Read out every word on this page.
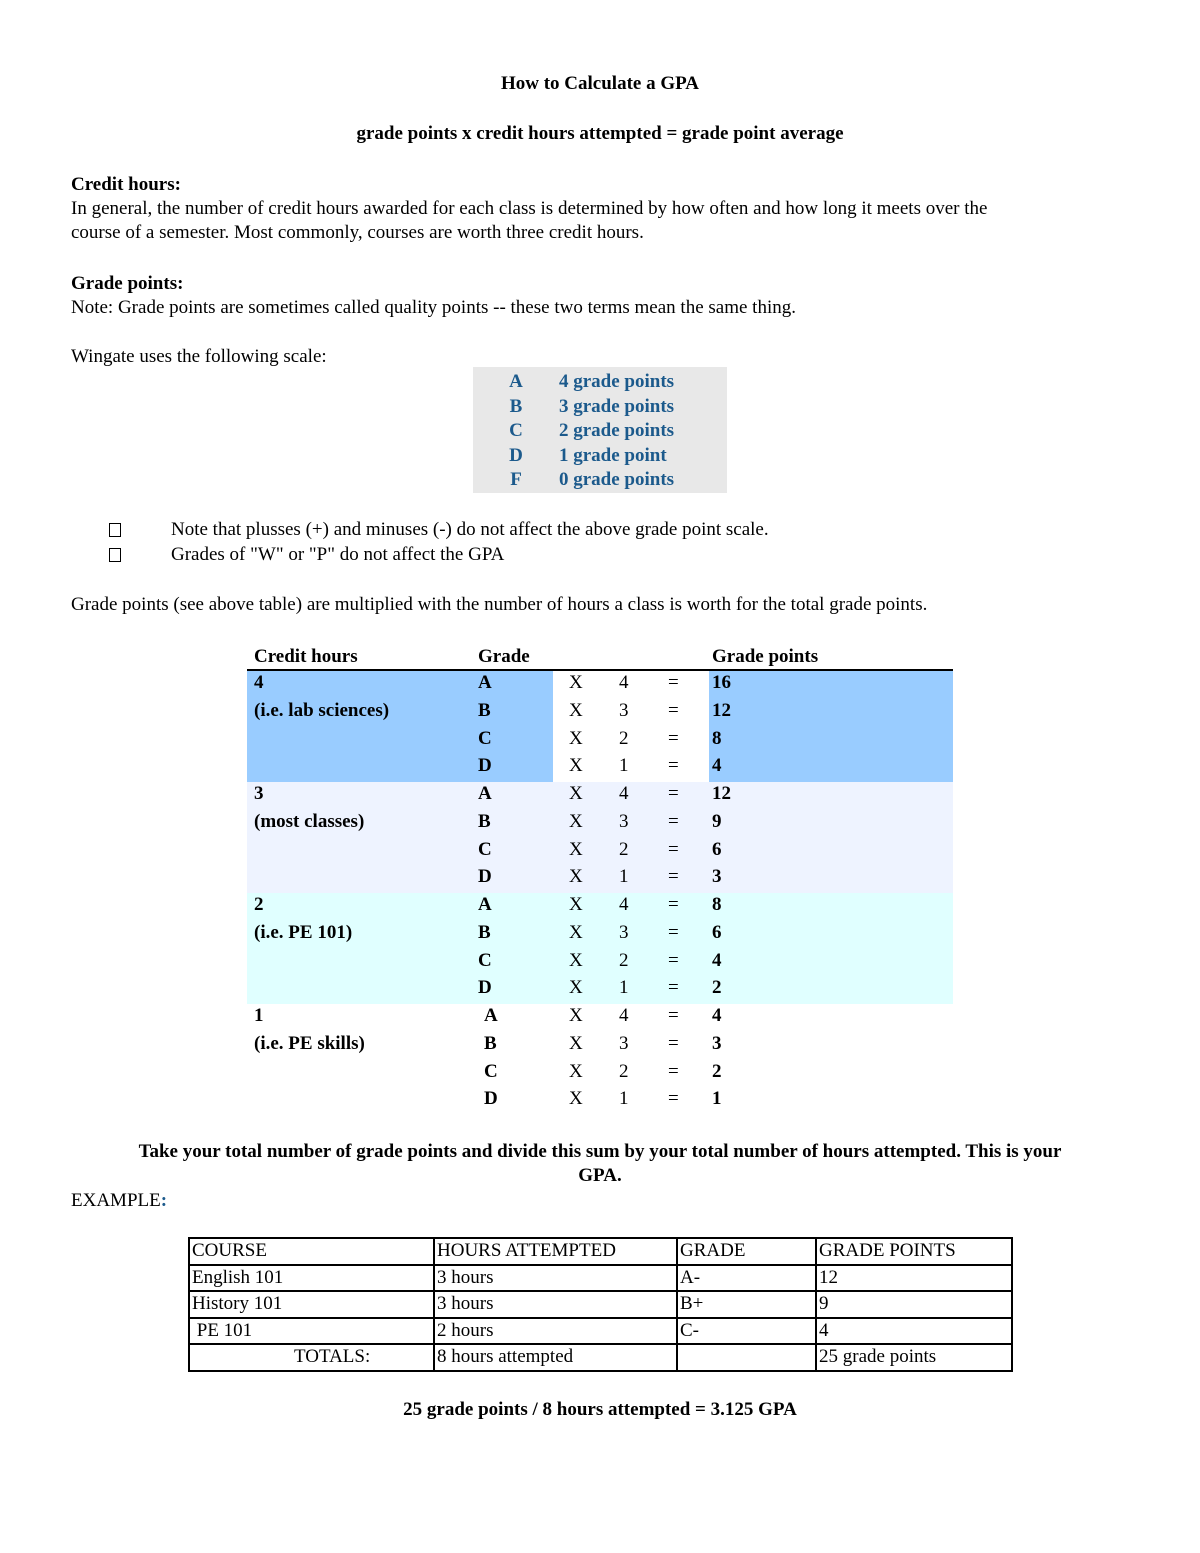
How to Calculate a GPA
grade points x credit hours attempted = grade point average
Credit hours:
In general, the number of credit hours awarded for each class is determined by how often and how long it meets over the
course of a semester. Most commonly, courses are worth three credit hours.
Grade points:
Note: Grade points are sometimes called quality points -- these two terms mean the same thing.
Wingate uses the following scale:
A 4 grade points
B 3 grade points
C 2 grade points
D 1 grade point
F 0 grade points
Note that plusses (+) and minuses (-) do not affect the above grade point scale.
Grades of "W" or "P" do not affect the GPA
Grade points (see above table) are multiplied with the number of hours a class is worth for the total grade points.
Credit hours	Grade	Grade points
4
(i.e. lab sciences)
A	X 4 = 16
B	X 3 = 12
C	X 2 = 8
D	X 1 = 4
3
(most classes)
A	X 4 = 12
B	X 3 = 9
C	X 2 = 6
D	X 1 = 3
2
(i.e. PE 101)
A	X 4 = 8
B	X 3 = 6
C	X 2 = 4
D	X 1 = 2
1
(i.e. PE skills)
A	X 4 = 4
B	X 3 = 3
C	X 2 = 2
D	X 1 = 1
Take your total number of grade points and divide this sum by your total number of hours attempted. This is your
GPA.
EXAMPLE:
COURSE	HOURS ATTEMPTED	GRADE	GRADE POINTS
English 101	3 hours	A-	12
History 101	3 hours	B+	9
PE 101	2 hours	C-	4
TOTALS:	8 hours attempted		25 grade points
25 grade points / 8 hours attempted = 3.125 GPA
